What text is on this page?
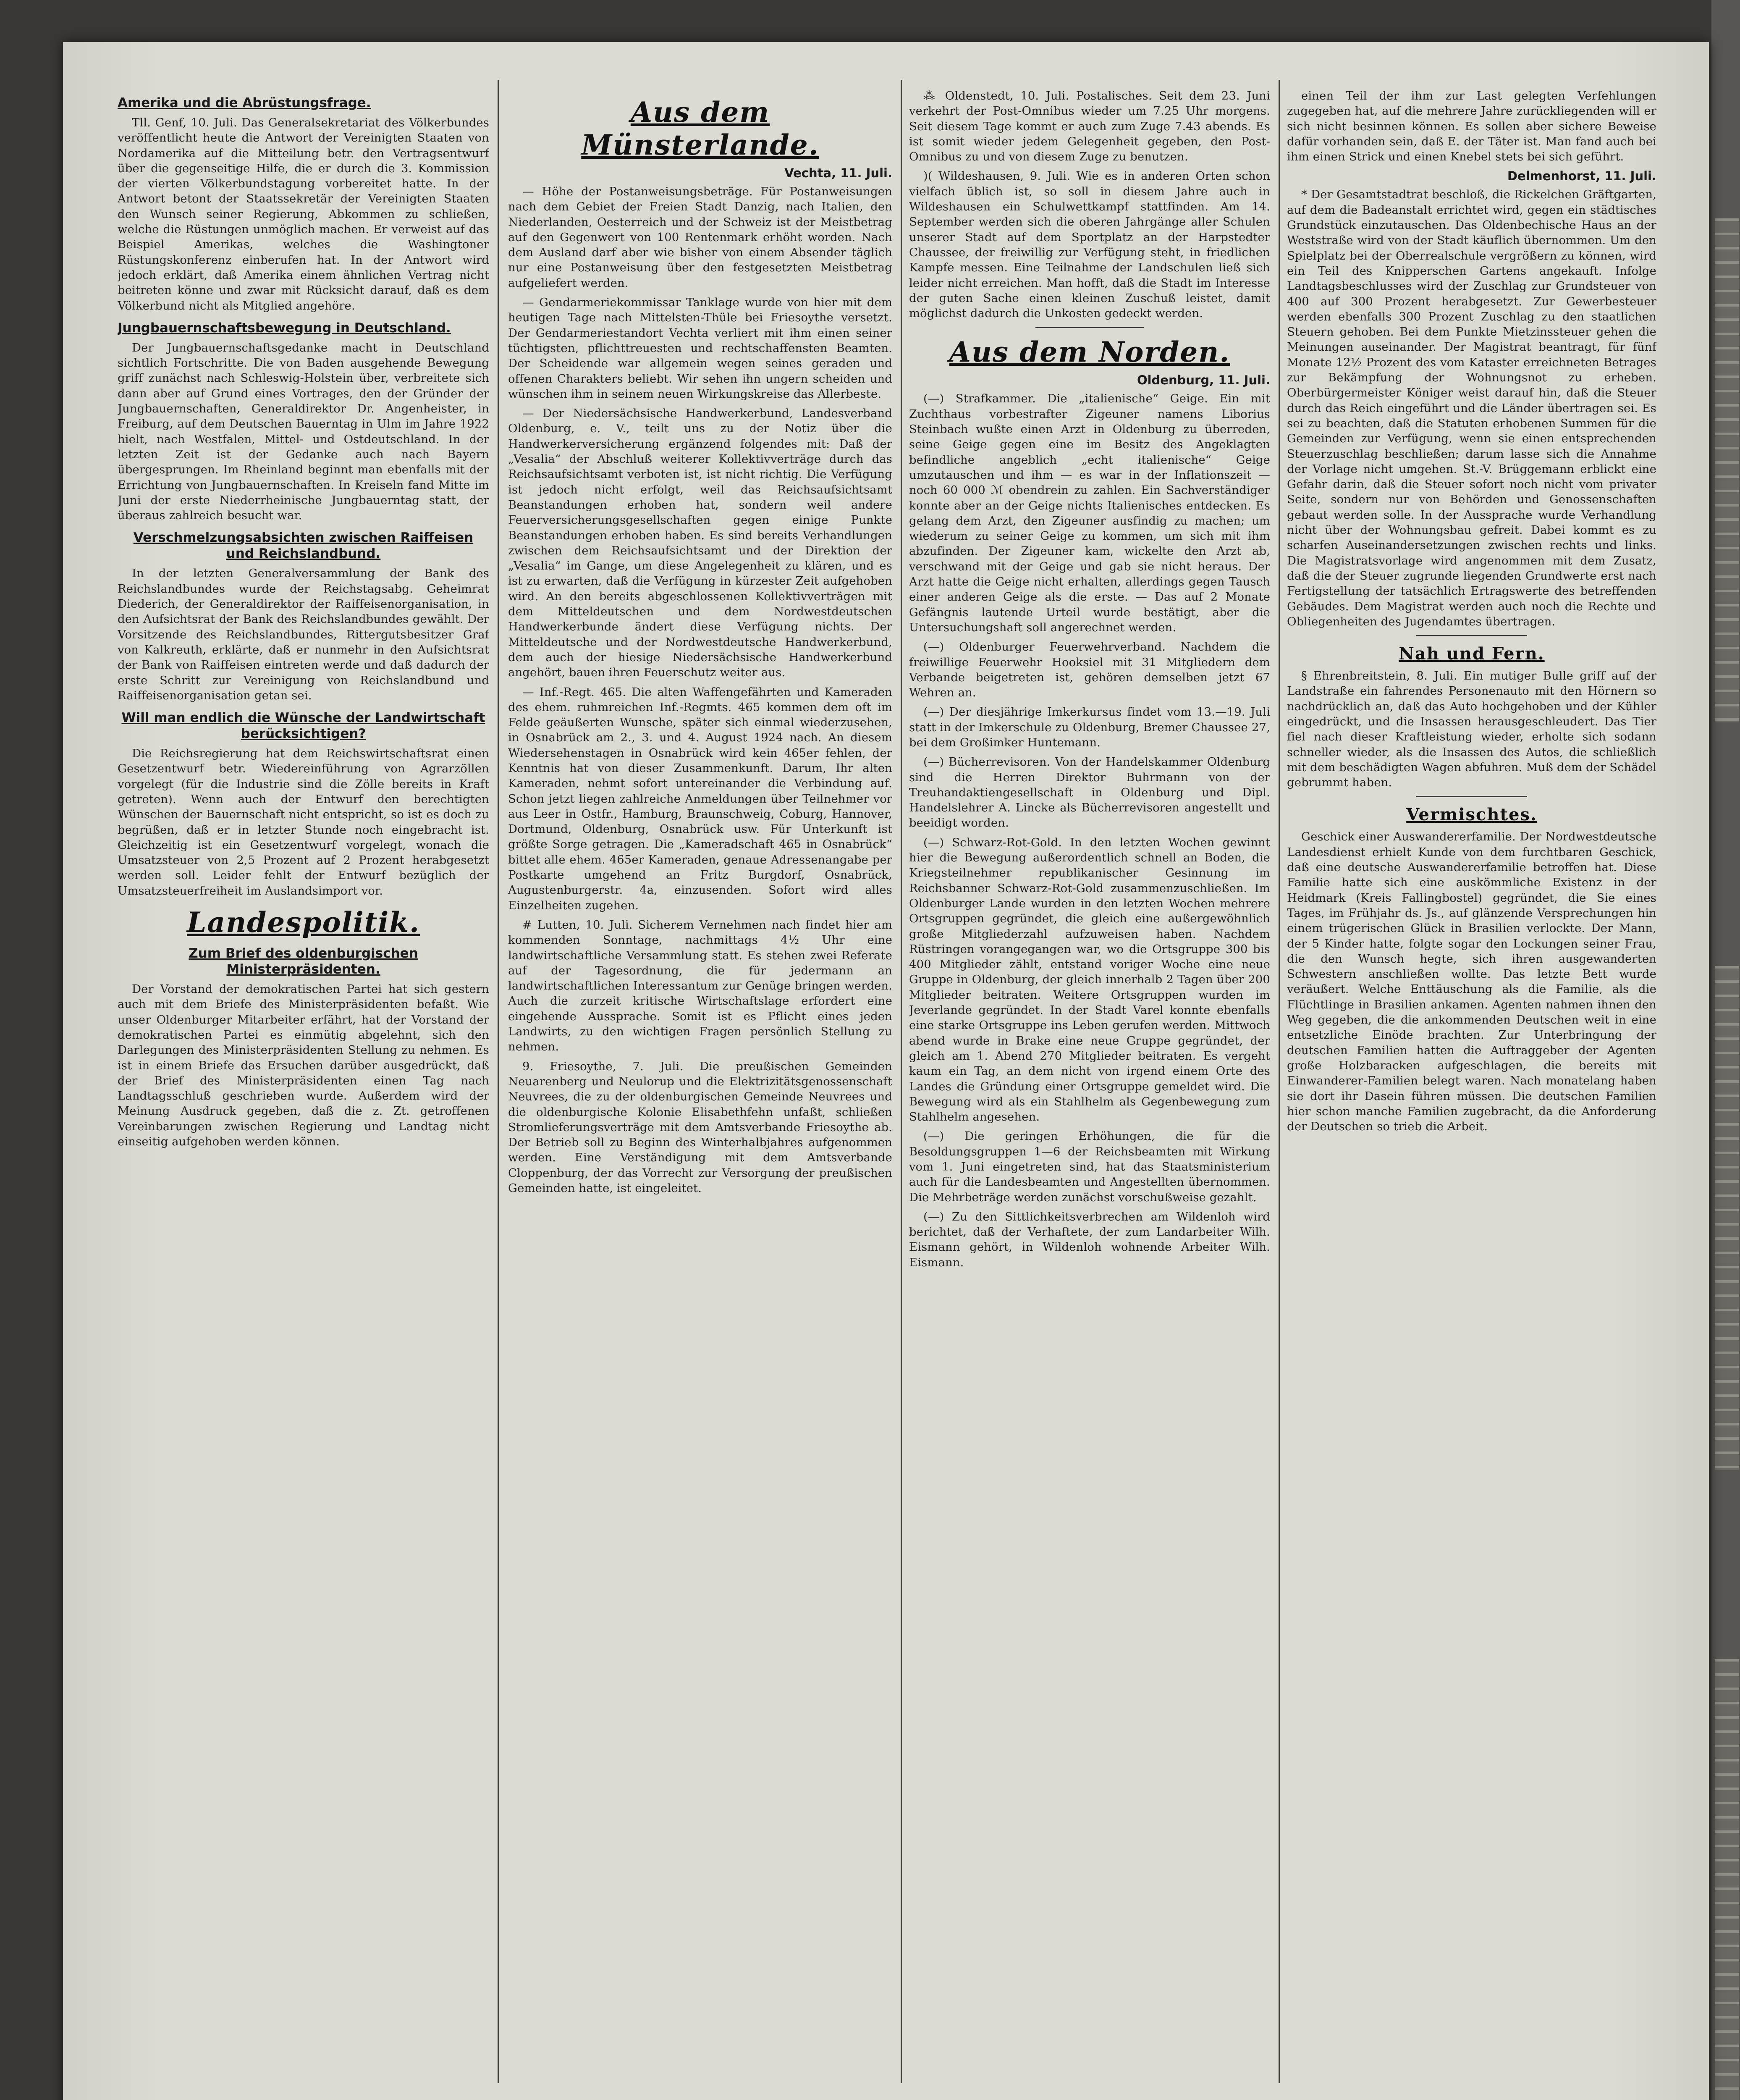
Amerika und die Abrüstungsfrage.

Tll. Genf, 10. Juli. Das Generalsekretariat des Völkerbundes veröffentlicht heute die Antwort der Vereinigten Staaten von Nordamerika auf die Mitteilung betr. den Vertragsentwurf über die gegenseitige Hilfe, die er durch die 3. Kommission der vierten Völkerbundstagung vorbereitet hatte. In der Antwort betont der Staatssekretär der Vereinigten Staaten den Wunsch seiner Regierung, Abkommen zu schließen, welche die Rüstungen unmöglich machen. Er verweist auf das Beispiel Amerikas, welches die Washingtoner Rüstungskonferenz einberufen hat. In der Antwort wird jedoch erklärt, daß Amerika einem ähnlichen Vertrag nicht beitreten könne und zwar mit Rücksicht darauf, daß es dem Völkerbund nicht als Mitglied angehöre.

Jungbauernschaftsbewegung in Deutschland.

Der Jungbauernschaftsgedanke macht in Deutschland sichtlich Fortschritte. Die von Baden ausgehende Bewegung griff zunächst nach Schleswig-Holstein über, verbreitete sich dann aber auf Grund eines Vortrages, den der Gründer der Jungbauernschaften, Generaldirektor Dr. Angenheister, in Freiburg, auf dem Deutschen Bauerntag in Ulm im Jahre 1922 hielt, nach Westfalen, Mittel- und Ostdeutschland. In der letzten Zeit ist der Gedanke auch nach Bayern übergesprungen. Im Rheinland beginnt man ebenfalls mit der Errichtung von Jungbauernschaften. In Kreiseln fand Mitte im Juni der erste Niederrheinische Jungbauerntag statt, der überaus zahlreich besucht war.

Verschmelzungsabsichten zwischen Raiffeisen und Reichslandbund.

In der letzten Generalversammlung der Bank des Reichslandbundes wurde der Reichstagsabg. Geheimrat Diederich, der Generaldirektor der Raiffeisenorganisation, in den Aufsichtsrat der Bank des Reichslandbundes gewählt. Der Vorsitzende des Reichslandbundes, Rittergutsbesitzer Graf von Kalkreuth, erklärte, daß er nunmehr in den Aufsichtsrat der Bank von Raiffeisen eintreten werde und daß dadurch der erste Schritt zur Vereinigung von Reichslandbund und Raiffeisenorganisation getan sei.

Will man endlich die Wünsche der Landwirtschaft berücksichtigen?

Die Reichsregierung hat dem Reichswirtschaftsrat einen Gesetzentwurf betr. Wiedereinführung von Agrarzöllen vorgelegt (für die Industrie sind die Zölle bereits in Kraft getreten). Wenn auch der Entwurf den berechtigten Wünschen der Bauernschaft nicht entspricht, so ist es doch zu begrüßen, daß er in letzter Stunde noch eingebracht ist. Gleichzeitig ist ein Gesetzentwurf vorgelegt, wonach die Umsatzsteuer von 2,5 Prozent auf 2 Prozent herabgesetzt werden soll. Leider fehlt der Entwurf bezüglich der Umsatzsteuerfreiheit im Auslandsimport vor.

Landespolitik.
Zum Brief des oldenburgischen Ministerpräsidenten.

Der Vorstand der demokratischen Partei hat sich gestern auch mit dem Briefe des Ministerpräsidenten befaßt. Wie unser Oldenburger Mitarbeiter erfährt, hat der Vorstand der demokratischen Partei es einmütig abgelehnt, sich den Darlegungen des Ministerpräsidenten Stellung zu nehmen. Es ist in einem Briefe das Ersuchen darüber ausgedrückt, daß der Brief des Ministerpräsidenten einen Tag nach Landtagsschluß geschrieben wurde. Außerdem wird der Meinung Ausdruck gegeben, daß die z. Zt. getroffenen Vereinbarungen zwischen Regierung und Landtag nicht einseitig aufgehoben werden können.

Aus dem Münsterlande.
Vechta, 11. Juli.

— Höhe der Postanweisungsbeträge. Für Postanweisungen nach dem Gebiet der Freien Stadt Danzig, nach Italien, den Niederlanden, Oesterreich und der Schweiz ist der Meistbetrag auf den Gegenwert von 100 Rentenmark erhöht worden. Nach dem Ausland darf aber wie bisher von einem Absender täglich nur eine Postanweisung über den festgesetzten Meistbetrag aufgeliefert werden.

— Gendarmeriekommissar Tanklage wurde von hier mit dem heutigen Tage nach Mittelsten-Thüle bei Friesoythe versetzt. Der Gendarmeriestandort Vechta verliert mit ihm einen seiner tüchtigsten, pflichttreuesten und rechtschaffensten Beamten. Der Scheidende war allgemein wegen seines geraden und offenen Charakters beliebt. Wir sehen ihn ungern scheiden und wünschen ihm in seinem neuen Wirkungskreise das Allerbeste.

— Der Niedersächsische Handwerkerbund, Landesverband Oldenburg, e. V., teilt uns zu der Notiz über die Handwerkerversicherung ergänzend folgendes mit: Daß der „Vesalia“ der Abschluß weiterer Kollektivverträge durch das Reichsaufsichtsamt verboten ist, ist nicht richtig. Die Verfügung ist jedoch nicht erfolgt, weil das Reichsaufsichtsamt Beanstandungen erhoben hat, sondern weil andere Feuerversicherungsgesellschaften gegen einige Punkte Beanstandungen erhoben haben. Es sind bereits Verhandlungen zwischen dem Reichsaufsichtsamt und der Direktion der „Vesalia“ im Gange, um diese Angelegenheit zu klären, und es ist zu erwarten, daß die Verfügung in kürzester Zeit aufgehoben wird. An den bereits abgeschlossenen Kollektivverträgen mit dem Mitteldeutschen und dem Nordwestdeutschen Handwerkerbunde ändert diese Verfügung nichts. Der Mitteldeutsche und der Nordwestdeutsche Handwerkerbund, dem auch der hiesige Niedersächsische Handwerkerbund angehört, bauen ihren Feuerschutz weiter aus.

— Inf.-Regt. 465. Die alten Waffengefährten und Kameraden des ehem. ruhmreichen Inf.-Regmts. 465 kommen dem oft im Felde geäußerten Wunsche, später sich einmal wiederzusehen, in Osnabrück am 2., 3. und 4. August 1924 nach. An diesem Wiedersehenstagen in Osnabrück wird kein 465er fehlen, der Kenntnis hat von dieser Zusammenkunft. Darum, Ihr alten Kameraden, nehmt sofort untereinander die Verbindung auf. Schon jetzt liegen zahlreiche Anmeldungen über Teilnehmer vor aus Leer in Ostfr., Hamburg, Braunschweig, Coburg, Hannover, Dortmund, Oldenburg, Osnabrück usw. Für Unterkunft ist größte Sorge getragen. Die „Kameradschaft 465 in Osnabrück“ bittet alle ehem. 465er Kameraden, genaue Adressenangabe per Postkarte umgehend an Fritz Burgdorf, Osnabrück, Augustenburgerstr. 4a, einzusenden. Sofort wird alles Einzelheiten zugehen.

# Lutten, 10. Juli. Sicherem Vernehmen nach findet hier am kommenden Sonntage, nachmittags 4½ Uhr eine landwirtschaftliche Versammlung statt. Es stehen zwei Referate auf der Tagesordnung, die für jedermann an landwirtschaftlichen Interessantum zur Genüge bringen werden. Auch die zurzeit kritische Wirtschaftslage erfordert eine eingehende Aussprache. Somit ist es Pflicht eines jeden Landwirts, zu den wichtigen Fragen persönlich Stellung zu nehmen.

9. Friesoythe, 7. Juli. Die preußischen Gemeinden Neuarenberg und Neulorup und die Elektrizitätsgenossenschaft Neuvrees, die zu der oldenburgischen Gemeinde Neuvrees und die oldenburgische Kolonie Elisabethfehn unfaßt, schließen Stromlieferungsverträge mit dem Amtsverbande Friesoythe ab. Der Betrieb soll zu Beginn des Winterhalbjahres aufgenommen werden. Eine Verständigung mit dem Amtsverbande Cloppenburg, der das Vorrecht zur Versorgung der preußischen Gemeinden hatte, ist eingeleitet.

⁂ Oldenstedt, 10. Juli. Postalisches. Seit dem 23. Juni verkehrt der Post-Omnibus wieder um 7.25 Uhr morgens. Seit diesem Tage kommt er auch zum Zuge 7.43 abends. Es ist somit wieder jedem Gelegenheit gegeben, den Post-Omnibus zu und von diesem Zuge zu benutzen.

)( Wildeshausen, 9. Juli. Wie es in anderen Orten schon vielfach üblich ist, so soll in diesem Jahre auch in Wildeshausen ein Schulwettkampf stattfinden. Am 14. September werden sich die oberen Jahrgänge aller Schulen unserer Stadt auf dem Sportplatz an der Harpstedter Chaussee, der freiwillig zur Verfügung steht, in friedlichen Kampfe messen. Eine Teilnahme der Landschulen ließ sich leider nicht erreichen. Man hofft, daß die Stadt im Interesse der guten Sache einen kleinen Zuschuß leistet, damit möglichst dadurch die Unkosten gedeckt werden.

Aus dem Norden.
Oldenburg, 11. Juli.

(—) Strafkammer. Die „italienische“ Geige. Ein mit Zuchthaus vorbestrafter Zigeuner namens Liborius Steinbach wußte einen Arzt in Oldenburg zu überreden, seine Geige gegen eine im Besitz des Angeklagten befindliche angeblich „echt italienische“ Geige umzutauschen und ihm — es war in der Inflationszeit — noch 60 000 ℳ obendrein zu zahlen. Ein Sachverständiger konnte aber an der Geige nichts Italienisches entdecken. Es gelang dem Arzt, den Zigeuner ausfindig zu machen; um wiederum zu seiner Geige zu kommen, um sich mit ihm abzufinden. Der Zigeuner kam, wickelte den Arzt ab, verschwand mit der Geige und gab sie nicht heraus. Der Arzt hatte die Geige nicht erhalten, allerdings gegen Tausch einer anderen Geige als die erste. — Das auf 2 Monate Gefängnis lautende Urteil wurde bestätigt, aber die Untersuchungshaft soll angerechnet werden.

(—) Oldenburger Feuerwehrverband. Nachdem die freiwillige Feuerwehr Hooksiel mit 31 Mitgliedern dem Verbande beigetreten ist, gehören demselben jetzt 67 Wehren an.

(—) Der diesjährige Imkerkursus findet vom 13.—19. Juli statt in der Imkerschule zu Oldenburg, Bremer Chaussee 27, bei dem Großimker Huntemann.

(—) Bücherrevisoren. Von der Handelskammer Oldenburg sind die Herren Direktor Buhrmann von der Treuhandaktiengesellschaft in Oldenburg und Dipl. Handelslehrer A. Lincke als Bücherrevisoren angestellt und beeidigt worden.

(—) Schwarz-Rot-Gold. In den letzten Wochen gewinnt hier die Bewegung außerordentlich schnell an Boden, die Kriegsteilnehmer republikanischer Gesinnung im Reichsbanner Schwarz-Rot-Gold zusammenzuschließen. Im Oldenburger Lande wurden in den letzten Wochen mehrere Ortsgruppen gegründet, die gleich eine außergewöhnlich große Mitgliederzahl aufzuweisen haben. Nachdem Rüstringen vorangegangen war, wo die Ortsgruppe 300 bis 400 Mitglieder zählt, entstand voriger Woche eine neue Gruppe in Oldenburg, der gleich innerhalb 2 Tagen über 200 Mitglieder beitraten. Weitere Ortsgruppen wurden im Jeverlande gegründet. In der Stadt Varel konnte ebenfalls eine starke Ortsgruppe ins Leben gerufen werden. Mittwoch abend wurde in Brake eine neue Gruppe gegründet, der gleich am 1. Abend 270 Mitglieder beitraten. Es vergeht kaum ein Tag, an dem nicht von irgend einem Orte des Landes die Gründung einer Ortsgruppe gemeldet wird. Die Bewegung wird als ein Stahlhelm als Gegenbewegung zum Stahlhelm angesehen.

(—) Die geringen Erhöhungen, die für die Besoldungsgruppen 1—6 der Reichsbeamten mit Wirkung vom 1. Juni eingetreten sind, hat das Staatsministerium auch für die Landesbeamten und Angestellten übernommen. Die Mehrbeträge werden zunächst vorschußweise gezahlt.

(—) Zu den Sittlichkeitsverbrechen am Wildenloh wird berichtet, daß der Verhaftete, der zum Landarbeiter Wilh. Eismann gehört, in Wildenloh wohnende Arbeiter Wilh. Eismann.

einen Teil der ihm zur Last gelegten Verfehlungen zugegeben hat, auf die mehrere Jahre zurückliegenden will er sich nicht besinnen können. Es sollen aber sichere Beweise dafür vorhanden sein, daß E. der Täter ist. Man fand auch bei ihm einen Strick und einen Knebel stets bei sich geführt.

Delmenhorst, 11. Juli.

* Der Gesamtstadtrat beschloß, die Rickelchen Gräftgarten, auf dem die Badeanstalt errichtet wird, gegen ein städtisches Grundstück einzutauschen. Das Oldenbechische Haus an der Weststraße wird von der Stadt käuflich übernommen. Um den Spielplatz bei der Oberrealschule vergrößern zu können, wird ein Teil des Knipperschen Gartens angekauft. Infolge Landtagsbeschlusses wird der Zuschlag zur Grundsteuer von 400 auf 300 Prozent herabgesetzt. Zur Gewerbesteuer werden ebenfalls 300 Prozent Zuschlag zu den staatlichen Steuern gehoben. Bei dem Punkte Mietzinssteuer gehen die Meinungen auseinander. Der Magistrat beantragt, für fünf Monate 12½ Prozent des vom Kataster erreichneten Betrages zur Bekämpfung der Wohnungsnot zu erheben. Oberbürgermeister Königer weist darauf hin, daß die Steuer durch das Reich eingeführt und die Länder übertragen sei. Es sei zu beachten, daß die Statuten erhobenen Summen für die Gemeinden zur Verfügung, wenn sie einen entsprechenden Steuerzuschlag beschließen; darum lasse sich die Annahme der Vorlage nicht umgehen. St.-V. Brüggemann erblickt eine Gefahr darin, daß die Steuer sofort noch nicht vom privater Seite, sondern nur von Behörden und Genossenschaften gebaut werden solle. In der Aussprache wurde Verhandlung nicht über der Wohnungsbau gefreit. Dabei kommt es zu scharfen Auseinandersetzungen zwischen rechts und links. Die Magistratsvorlage wird angenommen mit dem Zusatz, daß die der Steuer zugrunde liegenden Grundwerte erst nach Fertigstellung der tatsächlich Ertragswerte des betreffenden Gebäudes. Dem Magistrat werden auch noch die Rechte und Obliegenheiten des Jugendamtes übertragen.

Nah und Fern.

§ Ehrenbreitstein, 8. Juli. Ein mutiger Bulle griff auf der Landstraße ein fahrendes Personenauto mit den Hörnern so nachdrücklich an, daß das Auto hochgehoben und der Kühler eingedrückt, und die Insassen herausgeschleudert. Das Tier fiel nach dieser Kraftleistung wieder, erholte sich sodann schneller wieder, als die Insassen des Autos, die schließlich mit dem beschädigten Wagen abfuhren. Muß dem der Schädel gebrummt haben.

Vermischtes.

Geschick einer Auswandererfamilie. Der Nordwestdeutsche Landesdienst erhielt Kunde von dem furchtbaren Geschick, daß eine deutsche Auswandererfamilie betroffen hat. Diese Familie hatte sich eine auskömmliche Existenz in der Heidmark (Kreis Fallingbostel) gegründet, die Sie eines Tages, im Frühjahr ds. Js., auf glänzende Versprechungen hin einem trügerischen Glück in Brasilien verlockte. Der Mann, der 5 Kinder hatte, folgte sogar den Lockungen seiner Frau, die den Wunsch hegte, sich ihren ausgewanderten Schwestern anschließen wollte. Das letzte Bett wurde veräußert. Welche Enttäuschung als die Familie, als die Flüchtlinge in Brasilien ankamen. Agenten nahmen ihnen den Weg gegeben, die die ankommenden Deutschen weit in eine entsetzliche Einöde brachten. Zur Unterbringung der deutschen Familien hatten die Auftraggeber der Agenten große Holzbaracken aufgeschlagen, die bereits mit Einwanderer-Familien belegt waren. Nach monatelang haben sie dort ihr Dasein führen müssen. Die deutschen Familien hier schon manche Familien zugebracht, da die Anforderung der Deutschen so trieb die Arbeit.
